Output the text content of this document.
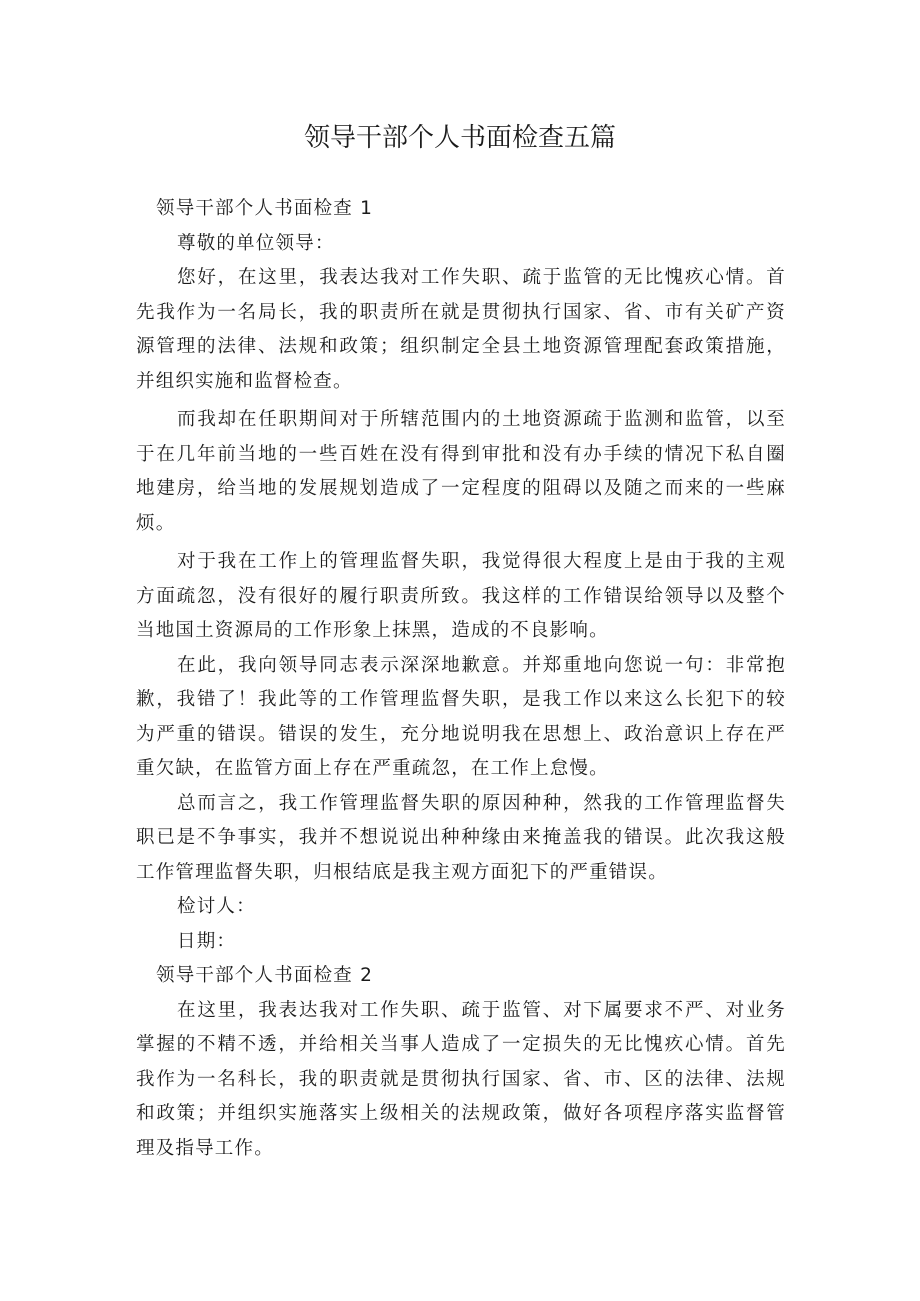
领导干部个人书面检查五篇

领导干部个人书面检查 1

尊敬的单位领导：

您好，在这里，我表达我对工作失职、疏于监管的无比愧疚心情。首先我作为一名局长，我的职责所在就是贯彻执行国家、省、市有关矿产资源管理的法律、法规和政策；组织制定全县土地资源管理配套政策措施，并组织实施和监督检查。

而我却在任职期间对于所辖范围内的土地资源疏于监测和监管，以至于在几年前当地的一些百姓在没有得到审批和没有办手续的情况下私自圈地建房，给当地的发展规划造成了一定程度的阻碍以及随之而来的一些麻烦。

对于我在工作上的管理监督失职，我觉得很大程度上是由于我的主观方面疏忽，没有很好的履行职责所致。我这样的工作错误给领导以及整个当地国土资源局的工作形象上抹黑，造成的不良影响。

在此，我向领导同志表示深深地歉意。并郑重地向您说一句：非常抱歉，我错了！我此等的工作管理监督失职，是我工作以来这么长犯下的较为严重的错误。错误的发生，充分地说明我在思想上、政治意识上存在严重欠缺，在监管方面上存在严重疏忽，在工作上怠慢。

总而言之，我工作管理监督失职的原因种种，然我的工作管理监督失职已是不争事实，我并不想说说出种种缘由来掩盖我的错误。此次我这般工作管理监督失职，归根结底是我主观方面犯下的严重错误。

检讨人：

日期：

领导干部个人书面检查 2

在这里，我表达我对工作失职、疏于监管、对下属要求不严、对业务掌握的不精不透，并给相关当事人造成了一定损失的无比愧疚心情。首先我作为一名科长，我的职责就是贯彻执行国家、省、市、区的法律、法规和政策；并组织实施落实上级相关的法规政策，做好各项程序落实监督管理及指导工作。
